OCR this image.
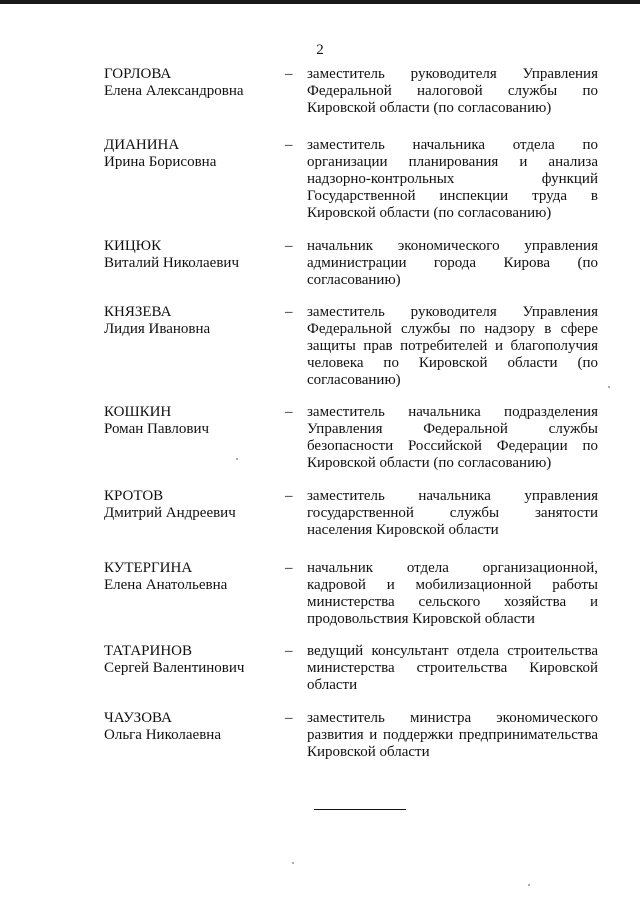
2
ГОРЛОВА
Елена Александровна
– заместитель руководителя Управления Федеральной налоговой службы по Кировской области (по согласованию)
ДИАНИНА
Ирина Борисовна
– заместитель начальника отдела по организации планирования и анализа надзорно-контрольных функций Государственной инспекции труда в Кировской области (по согласованию)
КИЦЮК
Виталий Николаевич
– начальник экономического управления администрации города Кирова (по согласованию)
КНЯЗЕВА
Лидия Ивановна
– заместитель руководителя Управления Федеральной службы по надзору в сфере защиты прав потребителей и благополучия человека по Кировской области (по согласованию)
КОШКИН
Роман Павлович
– заместитель начальника подразделения Управления Федеральной службы безопасности Российской Федерации по Кировской области (по согласованию)
КРОТОВ
Дмитрий Андреевич
– заместитель начальника управления государственной службы занятости населения Кировской области
КУТЕРГИНА
Елена Анатольевна
– начальник отдела организационной, кадровой и мобилизационной работы министерства сельского хозяйства и продовольствия Кировской области
ТАТАРИНОВ
Сергей Валентинович
– ведущий консультант отдела строительства министерства строительства Кировской области
ЧАУЗОВА
Ольга Николаевна
– заместитель министра экономического развития и поддержки предпринимательства Кировской области
